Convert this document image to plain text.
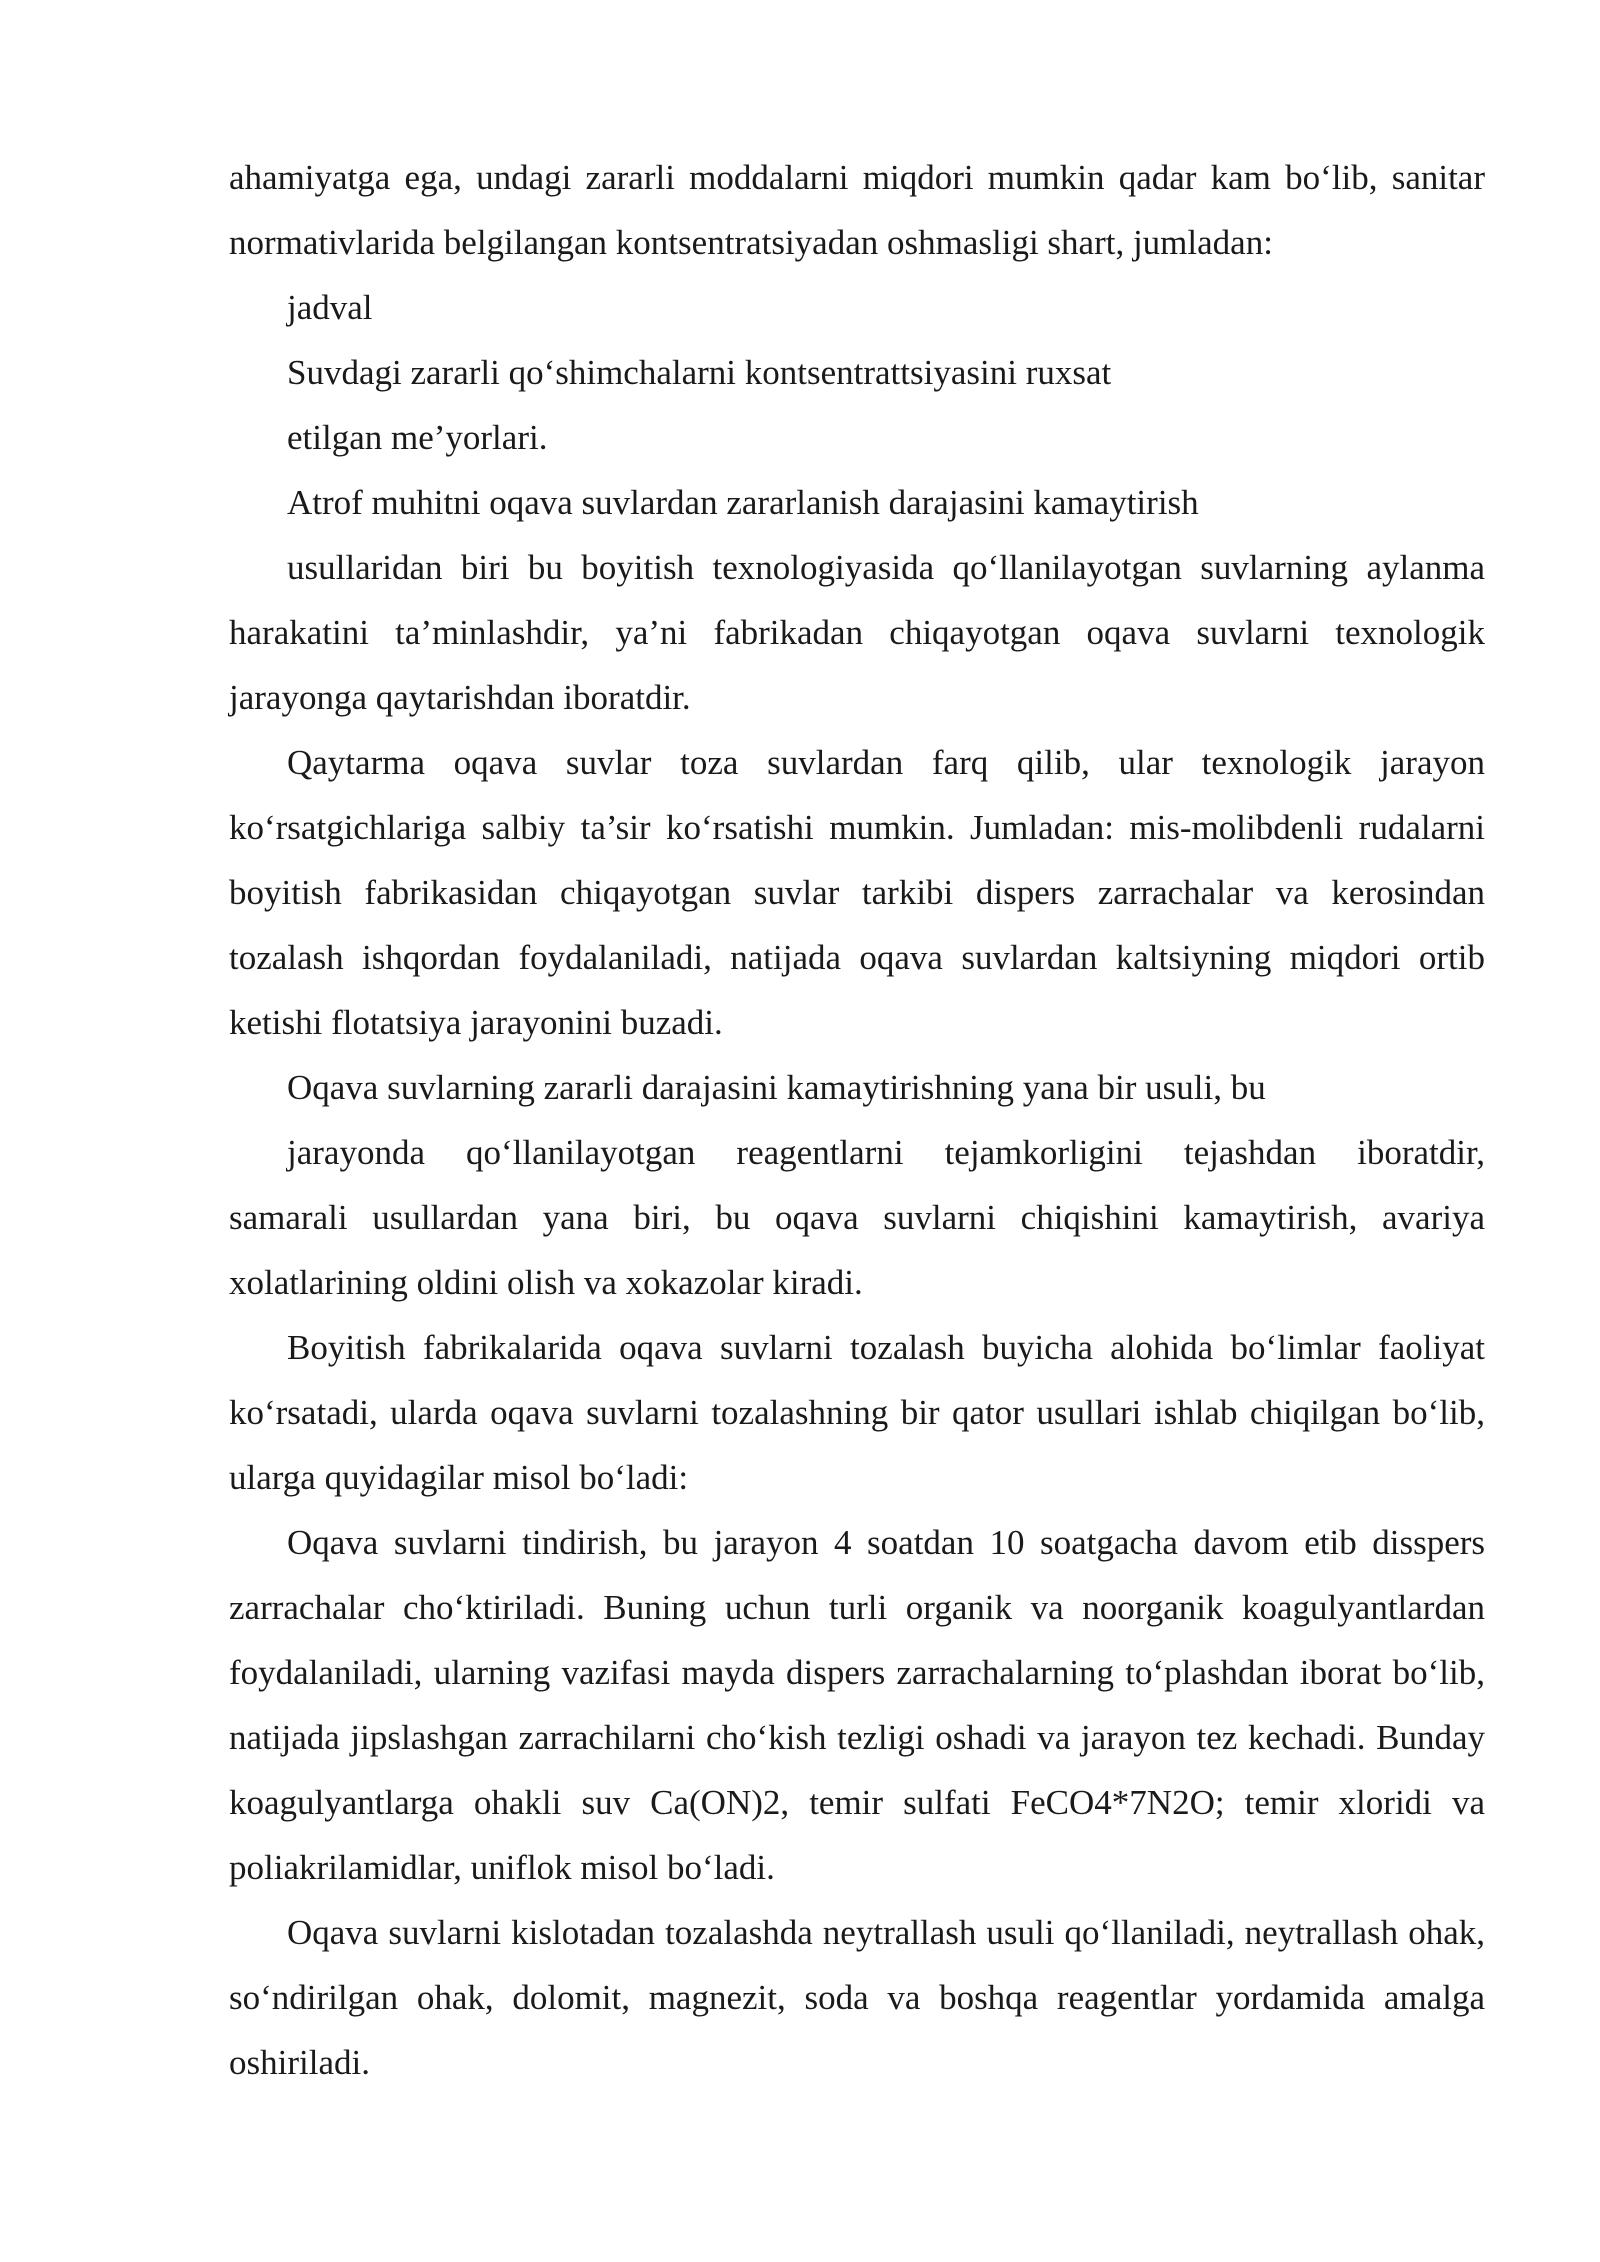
ahamiyatga ega, undagi zararli moddalarni miqdori mumkin qadar kam bo‘lib, sanitar normativlarida belgilangan kontsentratsiyadan oshmasligi shart, jumladan:

jadval

Suvdagi zararli qo‘shimchalarni kontsentrattsiyasini ruxsat

etilgan me’yorlari.

Atrof muhitni oqava suvlardan zararlanish darajasini kamaytirish

usullaridan biri bu boyitish texnologiyasida qo‘llanilayotgan suvlarning aylanma

harakatini ta’minlashdir, ya’ni fabrikadan chiqayotgan oqava suvlarni texnologik jarayonga qaytarishdan iboratdir.

Qaytarma oqava suvlar toza suvlardan farq qilib, ular texnologik jarayon ko‘rsatgichlariga salbiy ta’sir ko‘rsatishi mumkin. Jumladan: mis-molibdenli rudalarni boyitish fabrikasidan chiqayotgan suvlar tarkibi dispers zarrachalar va kerosindan tozalash ishqordan foydalaniladi, natijada oqava suvlardan kaltsiyning miqdori ortib ketishi flotatsiya jarayonini buzadi.

Oqava suvlarning zararli darajasini kamaytirishning yana bir usuli, bu

jarayonda qo‘llanilayotgan reagentlarni tejamkorligini tejashdan iboratdir,

samarali usullardan yana biri, bu oqava suvlarni chiqishini kamaytirish, avariya xolatlarining oldini olish va xokazolar kiradi.

Boyitish fabrikalarida oqava suvlarni tozalash buyicha alohida bo‘limlar faoliyat ko‘rsatadi, ularda oqava suvlarni tozalashning bir qator usullari ishlab chiqilgan bo‘lib, ularga quyidagilar misol bo‘ladi:

Oqava suvlarni tindirish, bu jarayon 4 soatdan 10 soatgacha davom etib disspers zarrachalar cho‘ktiriladi. Buning uchun turli organik va noorganik koagulyantlardan foydalaniladi, ularning vazifasi mayda dispers zarrachalarning to‘plashdan iborat bo‘lib, natijada jipslashgan zarrachilarni cho‘kish tezligi oshadi va jarayon tez kechadi. Bunday koagulyantlarga ohakli suv Ca(ON)2, temir sulfati FeCO4*7N2O; temir xloridi va poliakrilamidlar, uniflok misol bo‘ladi.

Oqava suvlarni kislotadan tozalashda neytrallash usuli qo‘llaniladi, neytrallash ohak, so‘ndirilgan ohak, dolomit, magnezit, soda va boshqa reagentlar yordamida amalga oshiriladi.
